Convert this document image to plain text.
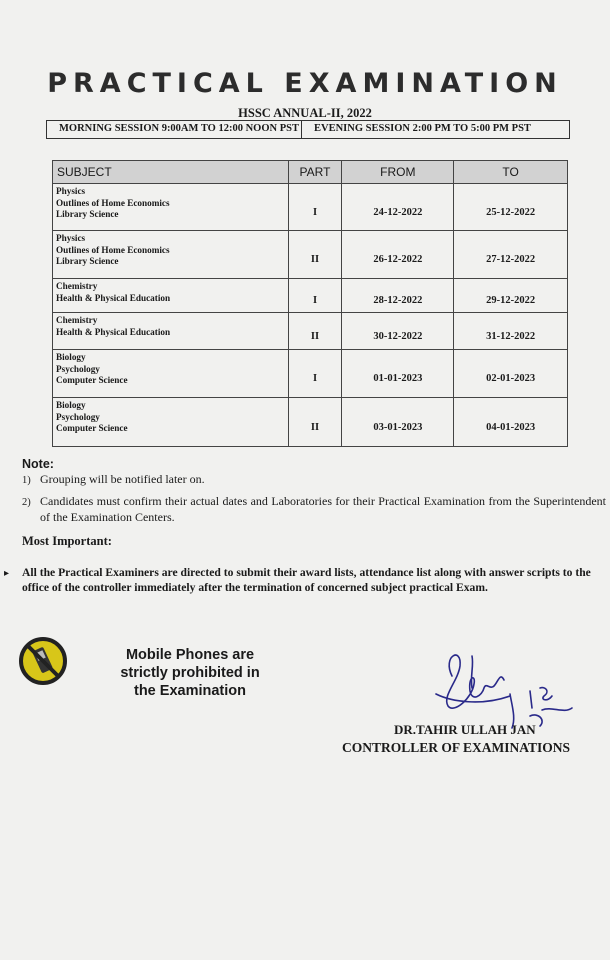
PRACTICAL EXAMINATION
HSSC ANNUAL-II, 2022
MORNING SESSION 9:00AM TO 12:00 NOON PST	EVENING SESSION 2:00 PM TO 5:00 PM PST
SUBJECT	PART	FROM	TO

Physics
Outlines of Home Economics
Library Science	I	24-12-2022	25-12-2022

Physics
Outlines of Home Economics
Library Science	II	26-12-2022	27-12-2022

Chemistry
Health & Physical Education	I	28-12-2022	29-12-2022

Chemistry
Health & Physical Education	II	30-12-2022	31-12-2022

Biology
Psychology
Computer Science	I	01-01-2023	02-01-2023

Biology
Psychology
Computer Science	II	03-01-2023	04-01-2023
Note:
1) Grouping will be notified later on.
2) Candidates must confirm their actual dates and Laboratories for their Practical Examination from the Superintendent of the Examination Centers.
Most Important:
▸ All the Practical Examiners are directed to submit their award lists, attendance list along with answer scripts to the office of the controller immediately after the termination of concerned subject practical Exam.
Mobile Phones are
strictly prohibited in
the Examination
DR.TAHIR ULLAH JAN
CONTROLLER OF EXAMINATIONS
